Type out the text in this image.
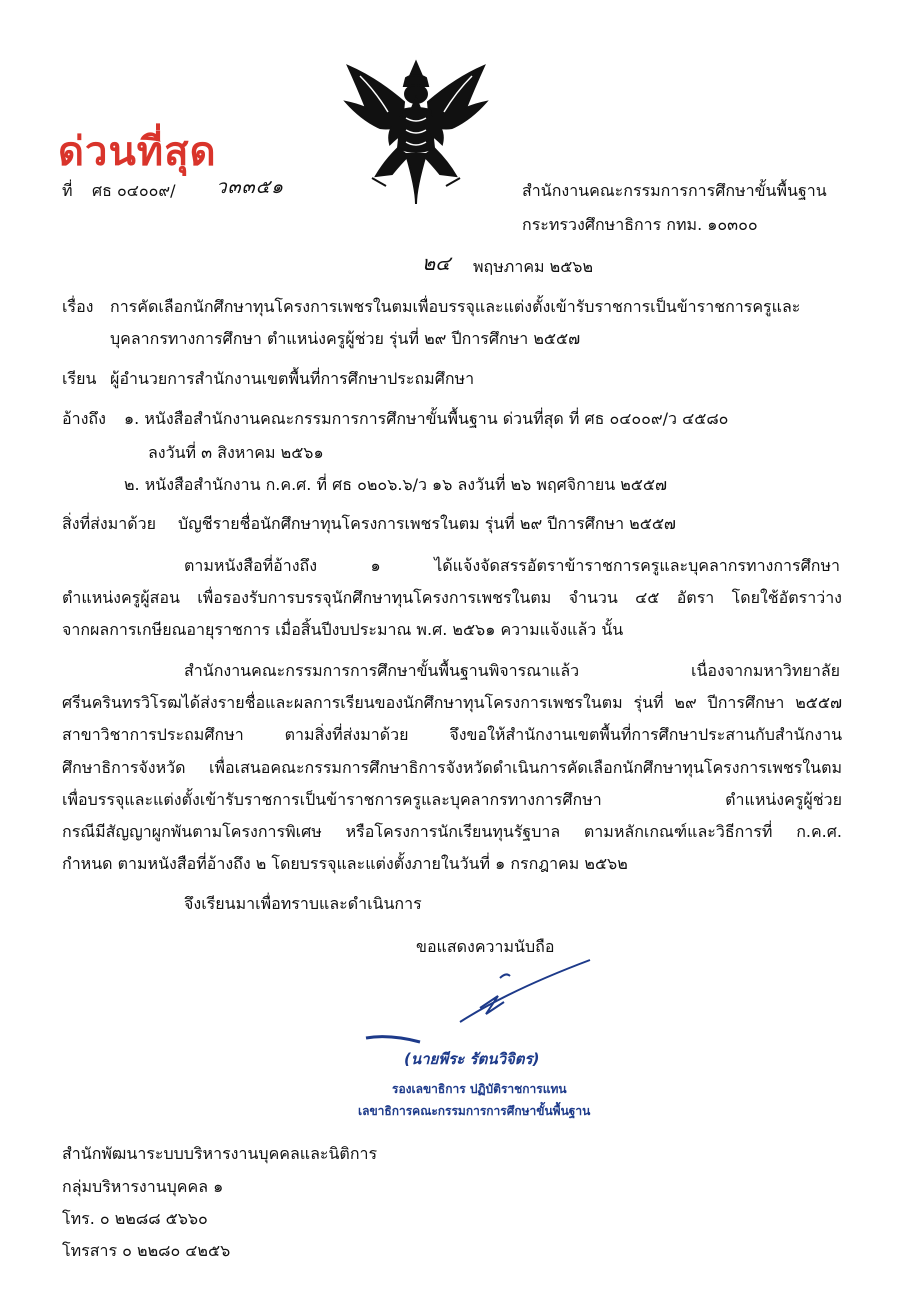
ด่วนที่สุด
ที่ ศธ ๐๔๐๐๙/ ว๓๓๕๑	สำนักงานคณะกรรมการการศึกษาขั้นพื้นฐาน
กระทรวงศึกษาธิการ กทม. ๑๐๓๐๐
๒๔ พฤษภาคม ๒๕๖๒
เรื่อง การคัดเลือกนักศึกษาทุนโครงการเพชรในตมเพื่อบรรจุและแต่งตั้งเข้ารับราชการเป็นข้าราชการครูและ
บุคลากรทางการศึกษา ตำแหน่งครูผู้ช่วย รุ่นที่ ๒๙ ปีการศึกษา ๒๕๕๗
เรียน ผู้อำนวยการสำนักงานเขตพื้นที่การศึกษาประถมศึกษา
อ้างถึง ๑. หนังสือสำนักงานคณะกรรมการการศึกษาขั้นพื้นฐาน ด่วนที่สุด ที่ ศธ ๐๔๐๐๙/ว ๔๕๘๐
ลงวันที่ ๓ สิงหาคม ๒๕๖๑
๒. หนังสือสำนักงาน ก.ค.ศ. ที่ ศธ ๐๒๐๖.๖/ว ๑๖ ลงวันที่ ๒๖ พฤศจิกายน ๒๕๕๗
สิ่งที่ส่งมาด้วย บัญชีรายชื่อนักศึกษาทุนโครงการเพชรในตม รุ่นที่ ๒๙ ปีการศึกษา ๒๕๕๗
ตามหนังสือที่อ้างถึง ๑ ได้แจ้งจัดสรรอัตราข้าราชการครูและบุคลากรทางการศึกษา
ตำแหน่งครูผู้สอน เพื่อรองรับการบรรจุนักศึกษาทุนโครงการเพชรในตม จำนวน ๔๕ อัตรา โดยใช้อัตราว่าง
จากผลการเกษียณอายุราชการ เมื่อสิ้นปีงบประมาณ พ.ศ. ๒๕๖๑ ความแจ้งแล้ว นั้น
สำนักงานคณะกรรมการการศึกษาขั้นพื้นฐานพิจารณาแล้ว เนื่องจากมหาวิทยาลัย
ศรีนครินทรวิโรฒได้ส่งรายชื่อและผลการเรียนของนักศึกษาทุนโครงการเพชรในตม รุ่นที่ ๒๙ ปีการศึกษา ๒๕๕๗
สาขาวิชาการประถมศึกษา ตามสิ่งที่ส่งมาด้วย จึงขอให้สำนักงานเขตพื้นที่การศึกษาประสานกับสำนักงาน
ศึกษาธิการจังหวัด เพื่อเสนอคณะกรรมการศึกษาธิการจังหวัดดำเนินการคัดเลือกนักศึกษาทุนโครงการเพชรในตม
เพื่อบรรจุและแต่งตั้งเข้ารับราชการเป็นข้าราชการครูและบุคลากรทางการศึกษา ตำแหน่งครูผู้ช่วย
กรณีมีสัญญาผูกพันตามโครงการพิเศษ หรือโครงการนักเรียนทุนรัฐบาล ตามหลักเกณฑ์และวิธีการที่ ก.ค.ศ.
กำหนด ตามหนังสือที่อ้างถึง ๒ โดยบรรจุและแต่งตั้งภายในวันที่ ๑ กรกฎาคม ๒๕๖๒
จึงเรียนมาเพื่อทราบและดำเนินการ
ขอแสดงความนับถือ
(นายพีระ รัตนวิจิตร)
รองเลขาธิการ ปฏิบัติราชการแทน
เลขาธิการคณะกรรมการการศึกษาขั้นพื้นฐาน
สำนักพัฒนาระบบบริหารงานบุคคลและนิติการ
กลุ่มบริหารงานบุคคล ๑
โทร. ๐ ๒๒๘๘ ๕๖๖๐
โทรสาร ๐ ๒๒๘๐ ๔๒๕๖
